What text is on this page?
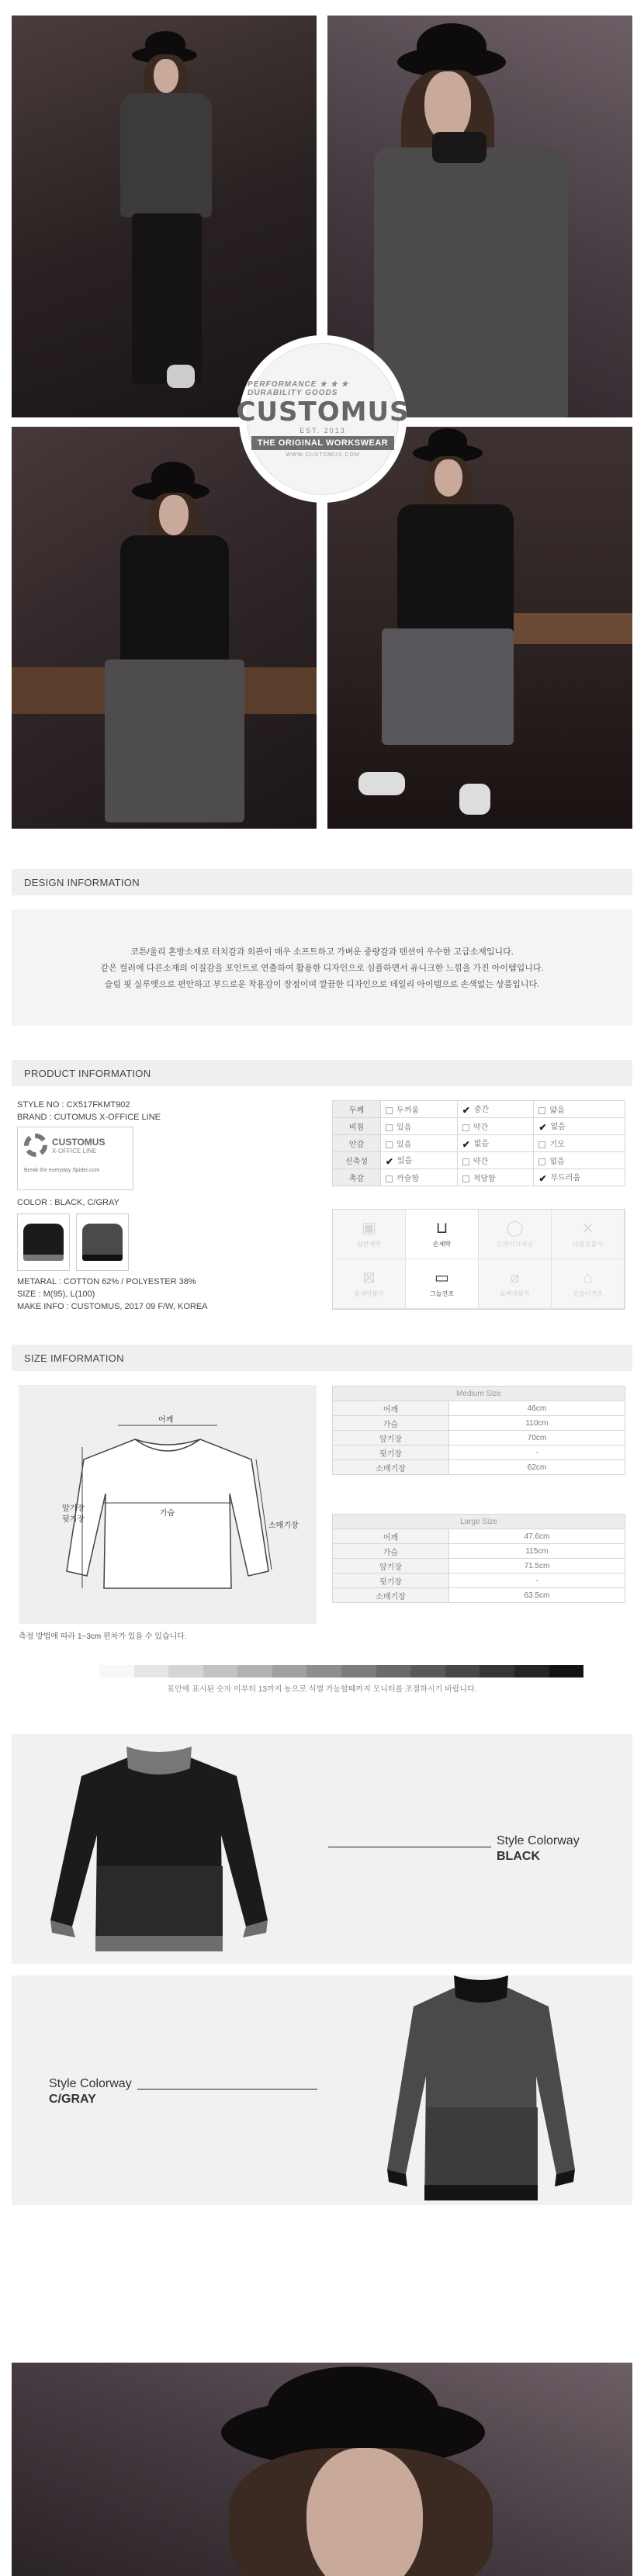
PERFORMANCE ★ ★ ★ DURABILITY GOODS
CUSTOMUS
EST. 2013
THE ORIGINAL WORKSWEAR
WWW.CUSTOMUS.COM
DESIGN INFORMATION

코튼/울리 혼방소재로 터치감과 외관이 매우 소프트하고 가벼운 중량감과 텐션이 우수한 고급소재입니다.

같은 컬러에 다른소재의 이질감을 포인트로 연출하여 활용한 디자인으로 심플하면서 유니크한 느낌을 가진 아이템입니다.

슬림 핏 실루엣으로 편안하고 부드로운 착용감이 장점이며 깔끔한 디자인으로 데일리 아이템으로 손색없는 상품입니다.

PRODUCT INFORMATION
STYLE NO : CX517FKMT902
BRAND : CUTOMUS X-OFFICE LINE
CUSTOMUS
X-OFFICE LINE
Break the everyday Spider.com
COLOR : BLACK, C/GRAY
METARAL : COTTON 62% / POLYESTER 38%
SIZE : M(95), L(100)
MAKE INFO : CUSTOMUS, 2017 09 F/W, KOREA
두께	두꺼움	✔ 중간	얇음
비침	있음	약간	✔ 없음
안감	있음	✔ 없음	기모
신축성	✔ 있음	약간	없음
촉감	까슬함	적당함	✔ 부드러움
▣
일반세탁
⊔
손세탁
◯
드라이크리닝
⨯
다림질불가
⊠
물세탁불가
▭
그늘건조
⌀
표백제불가
⌂
옷걸이건조
SIZE IMFORMATION
어깨
가슴
앞기장
뒷기장
소매기장
Medium Size	
어깨	46cm
가슴	110cm
앞기장	70cm
뒷기장	-
소매기장	62cm
Large Size	
어깨	47.6cm
가슴	115cm
앞기장	71.5cm
뒷기장	-
소매기장	63.5cm
측정 방법에 따라 1~3cm 편차가 있을 수 있습니다.
표안에 표시된 숫자 이부터 13까지 농으로 식별 가능할때까지 모니터를 조절하시기 바랍니다.
Style Colorway
BLACK
Style Colorway
C/GRAY
